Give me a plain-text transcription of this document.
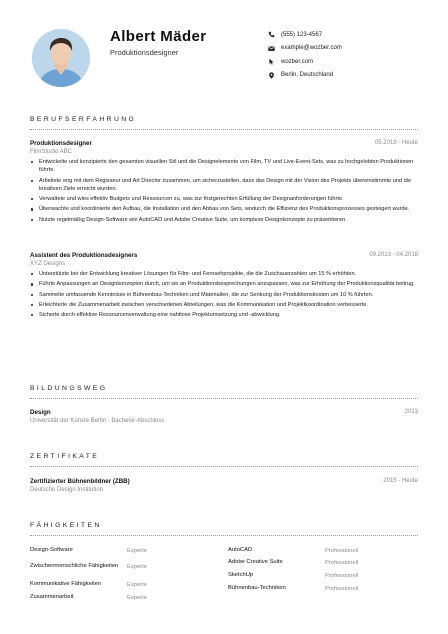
Albert Mäder
Produktionsdesigner
(555) 123-4567
example@wozber.com
wozber.com
Berlin, Deutschland
BERUFSERFAHRUNG
Produktionsdesigner	05.2018 - Heute
FilmStudio ABC
Entwickelte und konzipierte den gesamten visuellen Stil und die Designelemente von Film, TV und Live-Event-Sets, was zu hochgelobten Produktionen führte.
Arbeitete eng mit dem Regisseur und Art Director zusammen, um sicherzustellen, dass das Design mit der Vision des Projekts übereinstimmte und die kreativen Ziele erreicht wurden.
Verwaltete und wies effektiv Budgets und Ressourcen zu, was zur fristgerechten Erfüllung der Designanforderungen führte.
Überwachte und koordinierte den Aufbau, die Installation und den Abbau von Sets, wodurch die Effizienz des Produktionsprozesses gesteigert wurde.
Nutzte regelmäßig Design-Software wie AutoCAD und Adobe Creative Suite, um komplexe Designkonzepte zu präsentieren.
Assistent des Produktionsdesigners	09.2013 - 04.2018
XYZ Designs
Unterstützte bei der Entwicklung kreativer Lösungen für Film- und Fernsehprojekte, die die Zuschauerzahlen um 15 % erhöhten.
Führte Anpassungen an Designkonzepten durch, um sie an Produktionsbesprechungen anzupassen, was zur Erhöhung der Produktionsqualität beitrug.
Sammelte umfassende Kenntnisse in Bühnenbau-Techniken und Materialien, die zur Senkung der Produktionskosten um 10 % führten.
Erleichterte die Zusammenarbeit zwischen verschiedenen Abteilungen, was die Kommunikation und Projektkoordination verbesserte.
Sicherte durch effektive Ressourcenverwaltung eine nahtlose Projektumsetzung und -abwicklung.
BILDUNGSWEG
Design	2013
Universität der Künste Berlin - Bachelor-Abschluss
ZERTIFIKATE
Zertifizierter Bühnenbildner (ZBB)	2015 - Heute
Deutsche Design Institution
FÄHIGKEITEN
Design-Software	Experte
Zwischenmenschliche Fähigkeiten	Experte
Kommunikative Fähigkeiten	Experte
Zusammenarbeit	Experte
AutoCAD	Professionell
Adobe Creative Suite	Professionell
SketchUp	Professionell
Bühnenbau-Techniken	Professionell
